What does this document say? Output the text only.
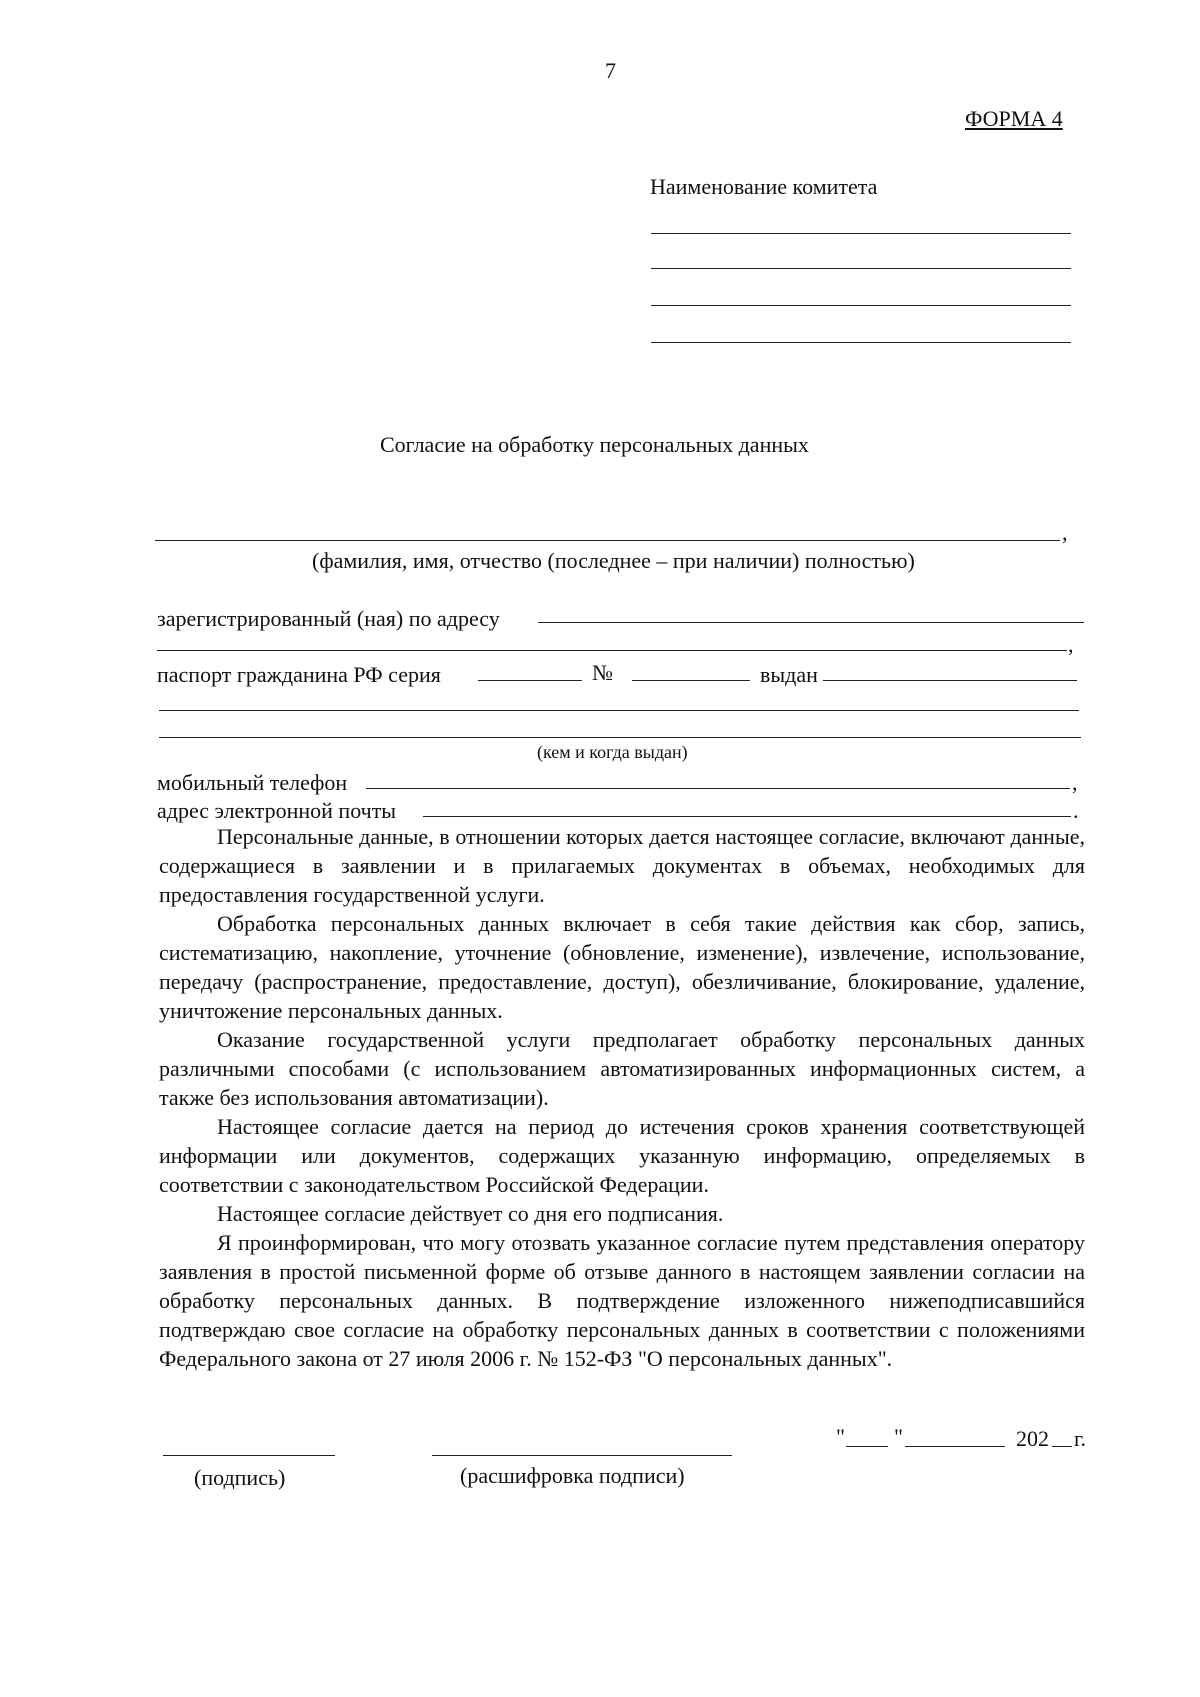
7
ФОРМА 4
Наименование комитета
Согласие на обработку персональных данных
,
(фамилия, имя, отчество (последнее – при наличии) полностью)
зарегистрированный (ная) по адресу
,
паспорт гражданина РФ серия	№	выдан
(кем и когда выдан)
мобильный телефон	,
адрес электронной почты	.

Персональные данные, в отношении которых дается настоящее согласие, включают данные, содержащиеся в заявлении и в прилагаемых документах в объемах, необходимых для предоставления государственной услуги.

Обработка персональных данных включает в себя такие действия как сбор, запись, систематизацию, накопление, уточнение (обновление, изменение), извлечение, использование, передачу (распространение, предоставление, доступ), обезличивание, блокирование, удаление, уничтожение персональных данных.

Оказание государственной услуги предполагает обработку персональных данных различными способами (с использованием автоматизированных информационных систем, а также без использования автоматизации).

Настоящее согласие дается на период до истечения сроков хранения соответствующей информации или документов, содержащих указанную информацию, определяемых в соответствии с законодательством Российской Федерации.

Настоящее согласие действует со дня его подписания.

Я проинформирован, что могу отозвать указанное согласие путем представления оператору заявления в простой письменной форме об отзыве данного в настоящем заявлении согласии на обработку персональных данных. В подтверждение изложенного нижеподписавшийся подтверждаю свое согласие на обработку персональных данных в соответствии с положениями Федерального закона от 27 июля 2006 г. № 152-ФЗ "О персональных данных".

(подпись)	(расшифровка подписи)
" "	202 г.
